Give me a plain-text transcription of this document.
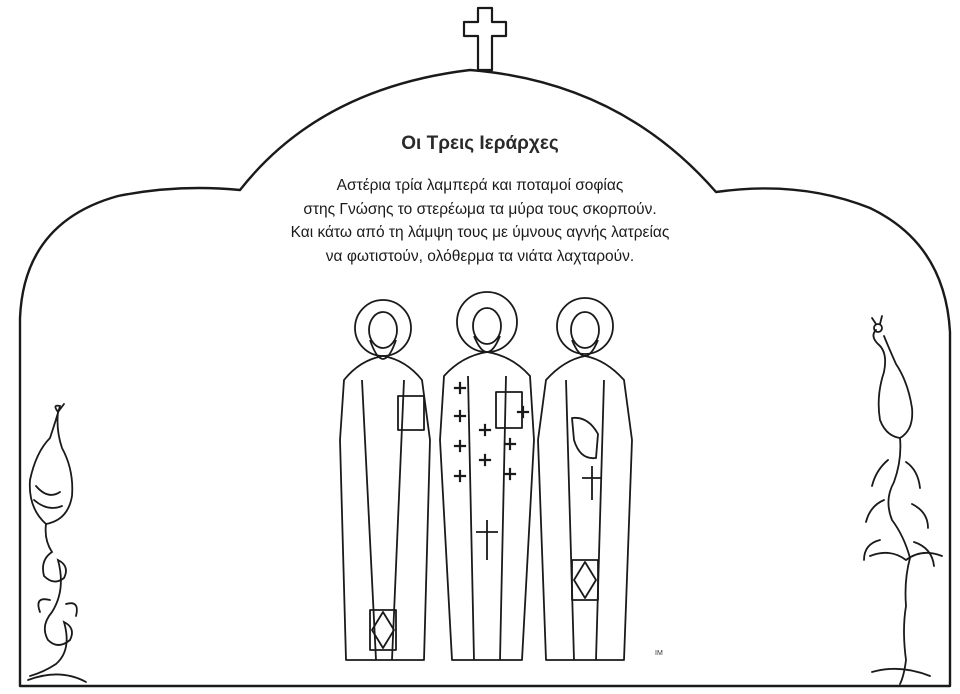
Οι Τρεις Ιεράρχες
Αστέρια τρία λαμπερά και ποταμοί σοφίας
στης Γνώσης το στερέωμα τα μύρα τους σκορπούν.
Και κάτω από τη λάμψη τους με ύμνους αγνής λατρείας
να φωτιστούν, ολόθερμα τα νιάτα λαχταρούν.
ΙΜ
